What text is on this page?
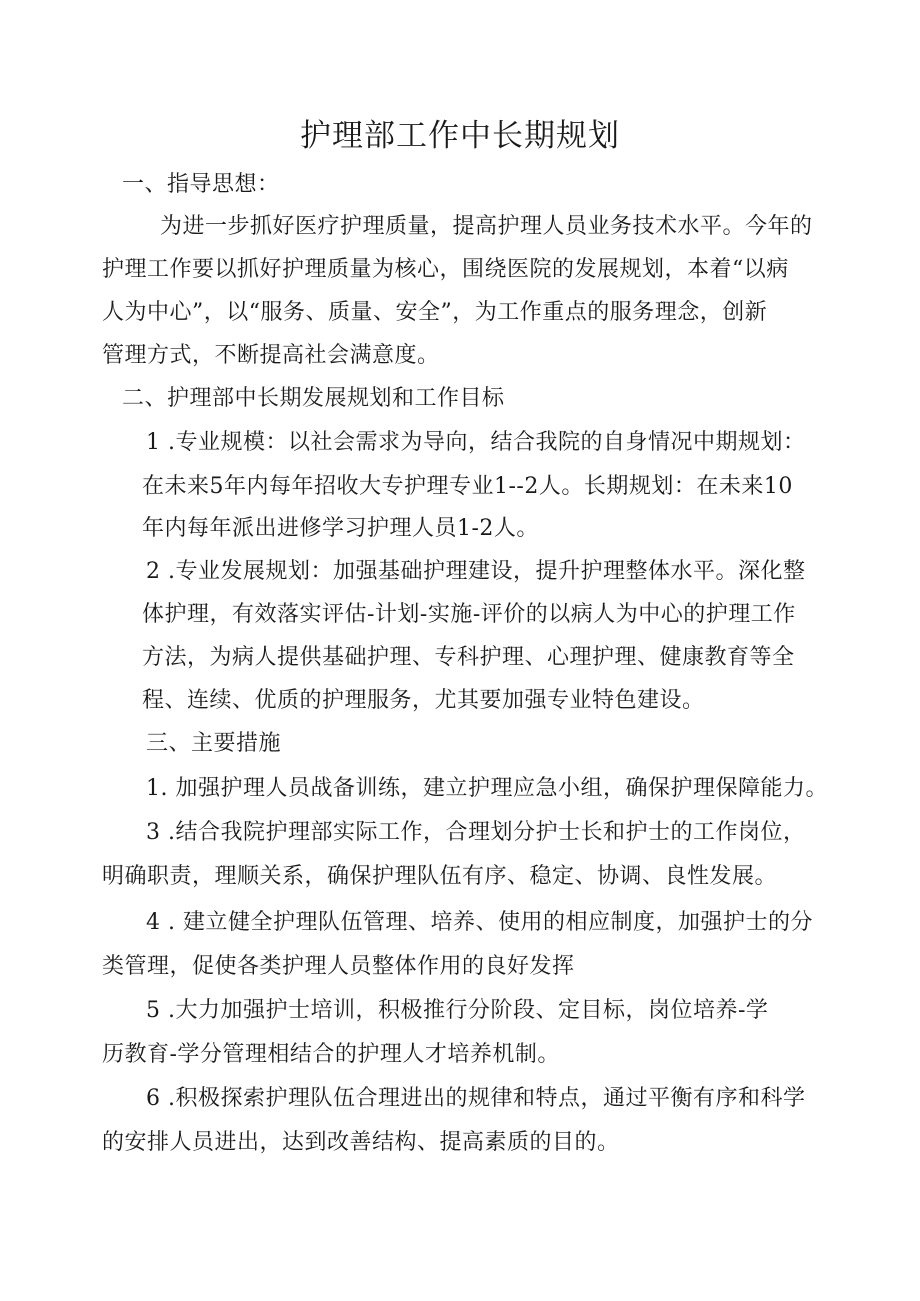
护理部工作中长期规划
一、指导思想：
为进一步抓好医疗护理质量，提高护理人员业务技术水平。今年的
护理工作要以抓好护理质量为核心，围绕医院的发展规划，本着“以病
人为中心”，以“服务、质量、安全”，为工作重点的服务理念，创新
管理方式，不断提高社会满意度。
二、护理部中长期发展规划和工作目标
1 .专业规模：以社会需求为导向，结合我院的自身情况中期规划：
在未来5年内每年招收大专护理专业1--2人。长期规划：在未来10
年内每年派出进修学习护理人员1-2人。
2 .专业发展规划：加强基础护理建设，提升护理整体水平。深化整
体护理，有效落实评估-计划-实施-评价的以病人为中心的护理工作
方法，为病人提供基础护理、专科护理、心理护理、健康教育等全
程、连续、优质的护理服务，尤其要加强专业特色建设。
三、主要措施
1. 加强护理人员战备训练，建立护理应急小组，确保护理保障能力。
3 .结合我院护理部实际工作，合理划分护士长和护士的工作岗位，
明确职责，理顺关系，确保护理队伍有序、稳定、协调、良性发展。
4 . 建立健全护理队伍管理、培养、使用的相应制度，加强护士的分
类管理，促使各类护理人员整体作用的良好发挥
5 .大力加强护士培训，积极推行分阶段、定目标，岗位培养-学
历教育-学分管理相结合的护理人才培养机制。
6 .积极探索护理队伍合理进出的规律和特点，通过平衡有序和科学
的安排人员进出，达到改善结构、提高素质的目的。
